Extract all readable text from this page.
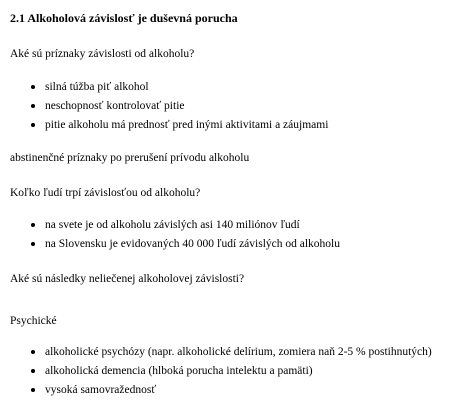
2.1 Alkoholová závislosť je duševná porucha
Aké sú príznaky závislosti od alkoholu?
silná túžba piť alkohol
neschopnosť kontrolovať pitie
pitie alkoholu má prednosť pred inými aktivitami a záujmami
abstinenčné príznaky po prerušení prívodu alkoholu
Koľko ľudí trpí závislosťou od alkoholu?
na svete je od alkoholu závislých asi 140 miliónov ľudí
na Slovensku je evidovaných 40 000 ľudí závislých od alkoholu
Aké sú následky neliečenej alkoholovej závislosti?
Psychické
alkoholické psychózy (napr. alkoholické delírium, zomiera naň 2-5 % postihnutých)
alkoholická demencia (hlboká porucha intelektu a pamäti)
vysoká samovražednosť
